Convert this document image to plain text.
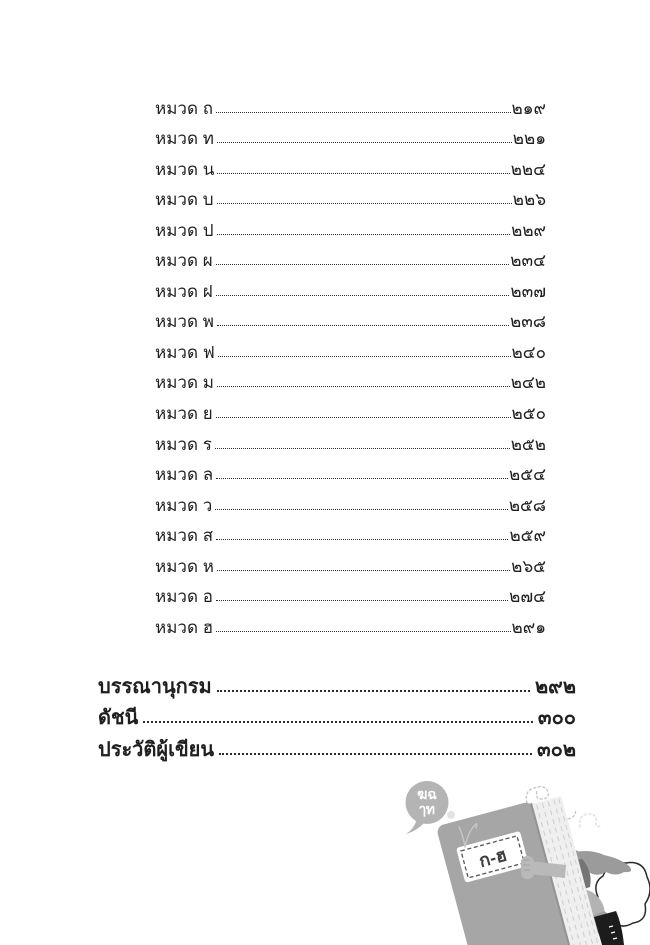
หมวด ถ	๒๑๙
หมวด ท	๒๒๑
หมวด น	๒๒๔
หมวด บ	๒๒๖
หมวด ป	๒๒๙
หมวด ผ	๒๓๔
หมวด ฝ	๒๓๗
หมวด พ	๒๓๘
หมวด ฟ	๒๔๐
หมวด ม	๒๔๒
หมวด ย	๒๕๐
หมวด ร	๒๕๒
หมวด ล	๒๕๔
หมวด ว	๒๕๘
หมวด ส	๒๕๙
หมวด ห	๒๖๕
หมวด อ	๒๗๔
หมวด ฮ	๒๙๑
บรรณานุกรม	๒๙๒
ดัชนี	๓๐๐
ประวัติผู้เขียน	๓๐๒
ฆฉ
ๅท
ก-ฮ
